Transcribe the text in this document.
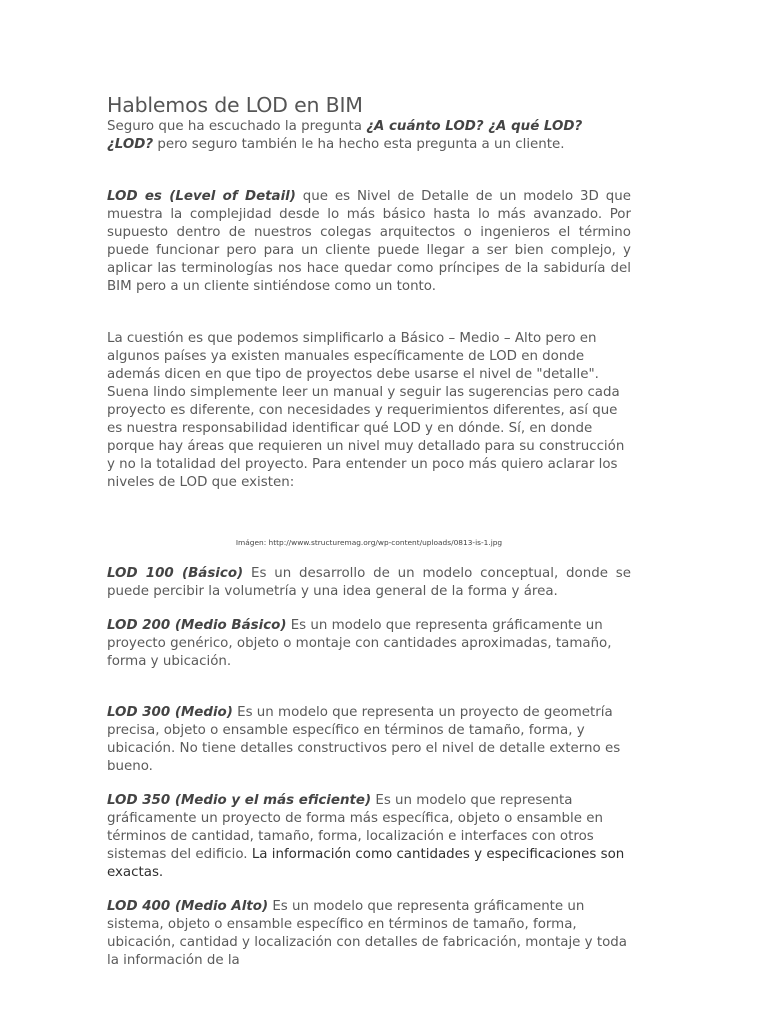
Hablemos de LOD en BIM

Seguro que ha escuchado la pregunta ¿A cuánto LOD? ¿A qué LOD? ¿LOD? pero seguro también le ha hecho esta pregunta a un cliente.

LOD es (Level of Detail) que es Nivel de Detalle de un modelo 3D que muestra la complejidad desde lo más básico hasta lo más avanzado. Por supuesto dentro de nuestros colegas arquitectos o ingenieros el término puede funcionar pero para un cliente puede llegar a ser bien complejo, y aplicar las terminologías nos hace quedar como príncipes de la sabiduría del BIM pero a un cliente sintiéndose como un tonto.

La cuestión es que podemos simplificarlo a Básico – Medio – Alto pero en algunos países ya existen manuales específicamente de LOD en donde además dicen en que tipo de proyectos debe usarse el nivel de "detalle". Suena lindo simplemente leer un manual y seguir las sugerencias pero cada proyecto es diferente, con necesidades y requerimientos diferentes, así que es nuestra responsabilidad identificar qué LOD y en dónde. Sí, en donde porque hay áreas que requieren un nivel muy detallado para su construcción y no la totalidad del proyecto. Para entender un poco más quiero aclarar los niveles de LOD que existen:

Imágen: http://www.structuremag.org/wp-content/uploads/0813-is-1.jpg

LOD 100 (Básico) Es un desarrollo de un modelo conceptual, donde se puede percibir la volumetría y una idea general de la forma y área.

LOD 200 (Medio Básico) Es un modelo que representa gráficamente un proyecto genérico, objeto o montaje con cantidades aproximadas, tamaño, forma y ubicación.

LOD 300 (Medio) Es un modelo que representa un proyecto de geometría precisa, objeto o ensamble específico en términos de tamaño, forma, y ubicación. No tiene detalles constructivos pero el nivel de detalle externo es bueno.

LOD 350 (Medio y el más eficiente) Es un modelo que representa gráficamente un proyecto de forma más específica, objeto o ensamble en términos de cantidad, tamaño, forma, localización e interfaces con otros sistemas del edificio. La información como cantidades y especificaciones son exactas.

LOD 400 (Medio Alto) Es un modelo que representa gráficamente un sistema, objeto o ensamble específico en términos de tamaño, forma, ubicación, cantidad y localización con detalles de fabricación, montaje y toda la información de la
